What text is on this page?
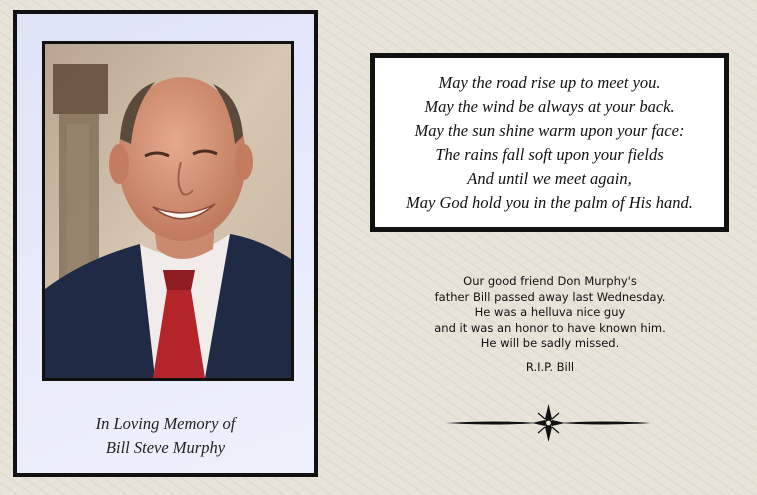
In Loving Memory of
Bill Steve Murphy
May the road rise up to meet you.
May the wind be always at your back.
May the sun shine warm upon your face:
The rains fall soft upon your fields
And until we meet again,
May God hold you in the palm of His hand.
Our good friend Don Murphy's
father Bill passed away last Wednesday.
He was a helluva nice guy
and it was an honor to have known him.
He will be sadly missed.
R.I.P. Bill
